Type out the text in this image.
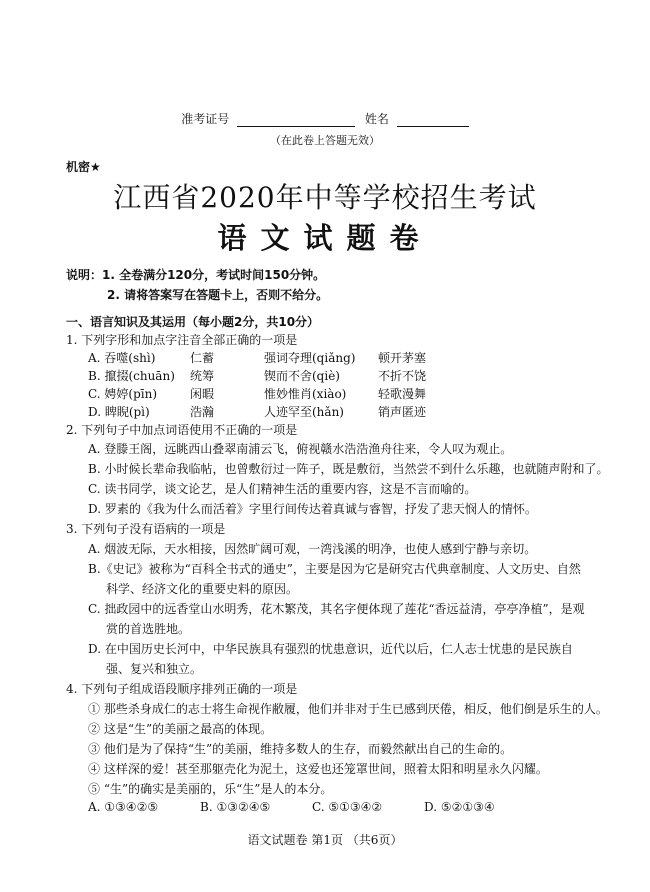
准考证号	姓名
（在此卷上答题无效）
机密★
江西省2020年中等学校招生考试
语文试题卷
说明：1. 全卷满分120分，考试时间150分钟。
2. 请将答案写在答题卡上，否则不给分。
一、语言知识及其运用（每小题2分，共10分）
1. 下列字形和加点字注音全部正确的一项是
A. 吞噬(shì)	仁蓄	强词夺理(qiǎng) 顿开茅塞
B. 攛掇(chuān) 统筹	锲而不舍(qiè)	不折不饶
C. 娉婷(pīn)	闲暇	惟妙惟肖(xiào)	轻歌漫舞
D. 睥睨(pì)	浩瀚	人迹罕至(hǎn)	销声匿迹
2. 下列句子中加点词语使用不正确的一项是
A. 登滕王阁，远眺西山叠翠南浦云飞，俯视赣水浩浩渔舟往来，令人叹为观止。
B. 小时候长辈命我临帖，也曾敷衍过一阵子，既是敷衍，当然尝不到什么乐趣，也就随声附和了。
C. 读书同学，谈文论艺，是人们精神生活的重要内容，这是不言而喻的。
D. 罗素的《我为什么而活着》字里行间传达着真诚与睿智，抒发了悲天悯人的情怀。
3. 下列句子没有语病的一项是
A. 烟波无际，天水相接，因然旷阔可观，一湾浅溪的明净，也使人感到宁静与亲切。
B.《史记》被称为“百科全书式的通史”，主要是因为它是研究古代典章制度、人文历史、自然
科学、经济文化的重要史料的原因。
C. 拙政园中的远香堂山水明秀，花木繁茂，其名字便体现了莲花“香远益清，亭亭净植”，是观
赏的首选胜地。
D. 在中国历史长河中，中华民族具有强烈的忧患意识，近代以后，仁人志士忧患的是民族自
强、复兴和独立。
4. 下列句子组成语段顺序排列正确的一项是
① 那些杀身成仁的志士将生命视作敝履，他们并非对于生已感到厌倦，相反，他们倒是乐生的人。
② 这是“生”的美丽之最高的体现。
③ 他们是为了保持“生”的美丽，维持多数人的生存，而毅然献出自己的生命的。
④ 这样深的爱！甚至那躯壳化为泥土，这爱也还笼罩世间，照着太阳和明星永久闪耀。
⑤ “生”的确实是美丽的，乐“生”是人的本分。
A. ①③④②⑤	B. ①③②④⑤	C. ⑤①③④②	D. ⑤②①③④
语文试题卷 第1页 （共6页）
